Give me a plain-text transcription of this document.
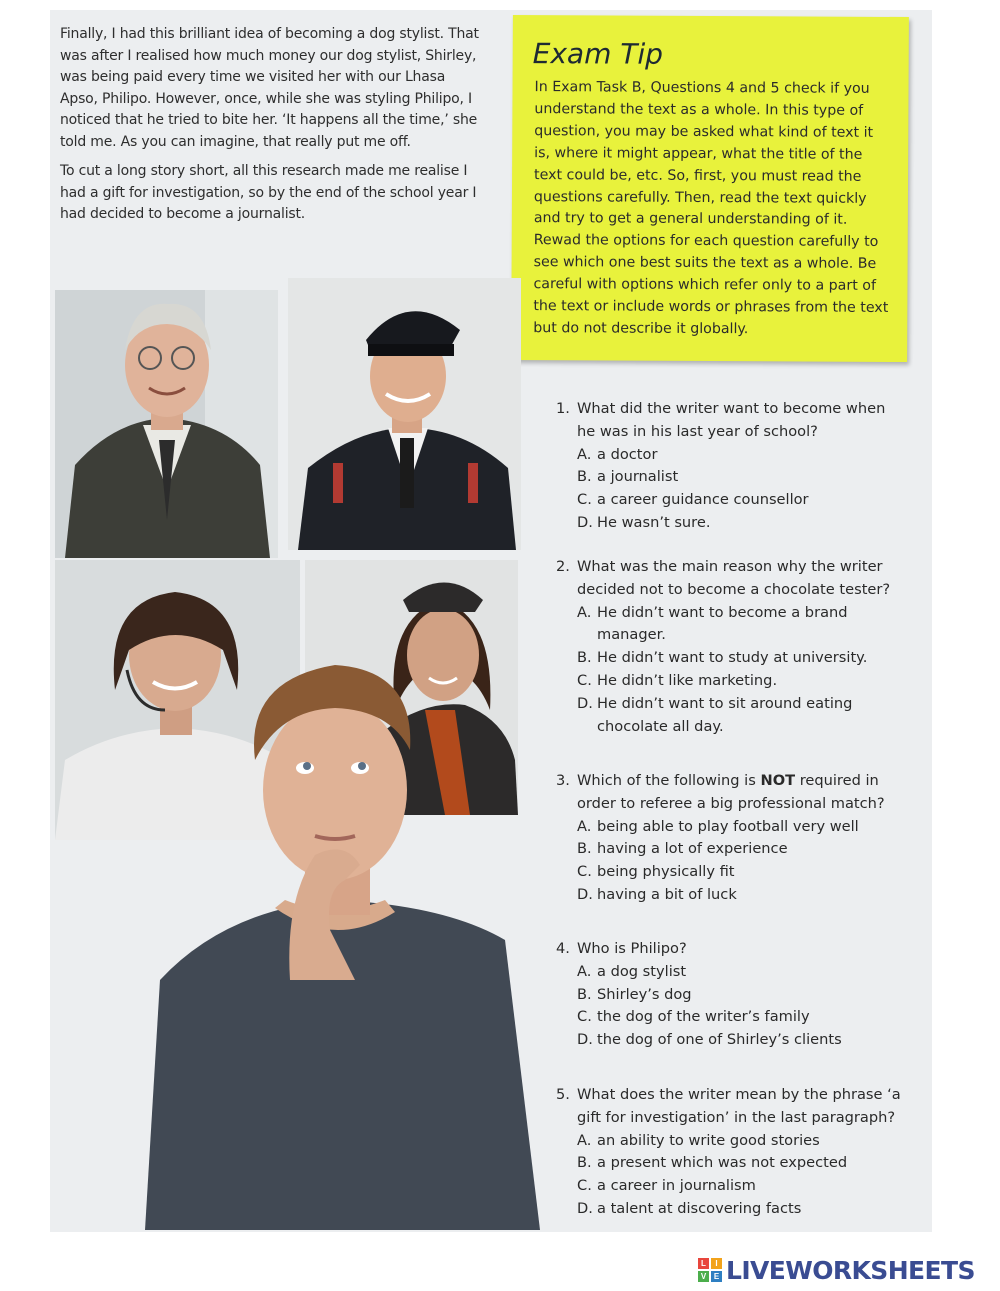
Finally, I had this brilliant idea of becoming a dog stylist. That was after I realised how much money our dog stylist, Shirley, was being paid every time we visited her with our Lhasa Apso, Philipo. However, once, while she was styling Philipo, I noticed that he tried to bite her. ‘It happens all the time,’ she told me. As you can imagine, that really put me off.

To cut a long story short, all this research made me realise I had a gift for investigation, so by the end of the school year I had decided to become a journalist.

Exam Tip
In Exam Task B, Questions 4 and 5 check if you understand the text as a whole. In this type of question, you may be asked what kind of text it is, where it might appear, what the title of the text could be, etc. So, first, you must read the questions carefully. Then, read the text quickly and try to get a general understanding of it. Rewad the options for each question carefully to see which one best suits the text as a whole. Be careful with options which refer only to a part of the text or include words or phrases from the text but do not describe it globally.
1. What did the writer want to become when he was in his last year of school?
A. a doctor
B. a journalist
C. a career guidance counsellor
D. He wasn’t sure.
2. What was the main reason why the writer decided not to become a chocolate tester?
A. He didn’t want to become a brand manager.
B. He didn’t want to study at university.
C. He didn’t like marketing.
D. He didn’t want to sit around eating chocolate all day.
3. Which of the following is NOT required in order to referee a big professional match?
A. being able to play football very well
B. having a lot of experience
C. being physically fit
D. having a bit of luck
4. Who is Philipo?
A. a dog stylist
B. Shirley’s dog
C. the dog of the writer’s family
D. the dog of one of Shirley’s clients
5. What does the writer mean by the phrase ‘a gift for investigation’ in the last paragraph?
A. an ability to write good stories
B. a present which was not expected
C. a career in journalism
D. a talent at discovering facts
L	I
V E LIVEWORKSHEETS
